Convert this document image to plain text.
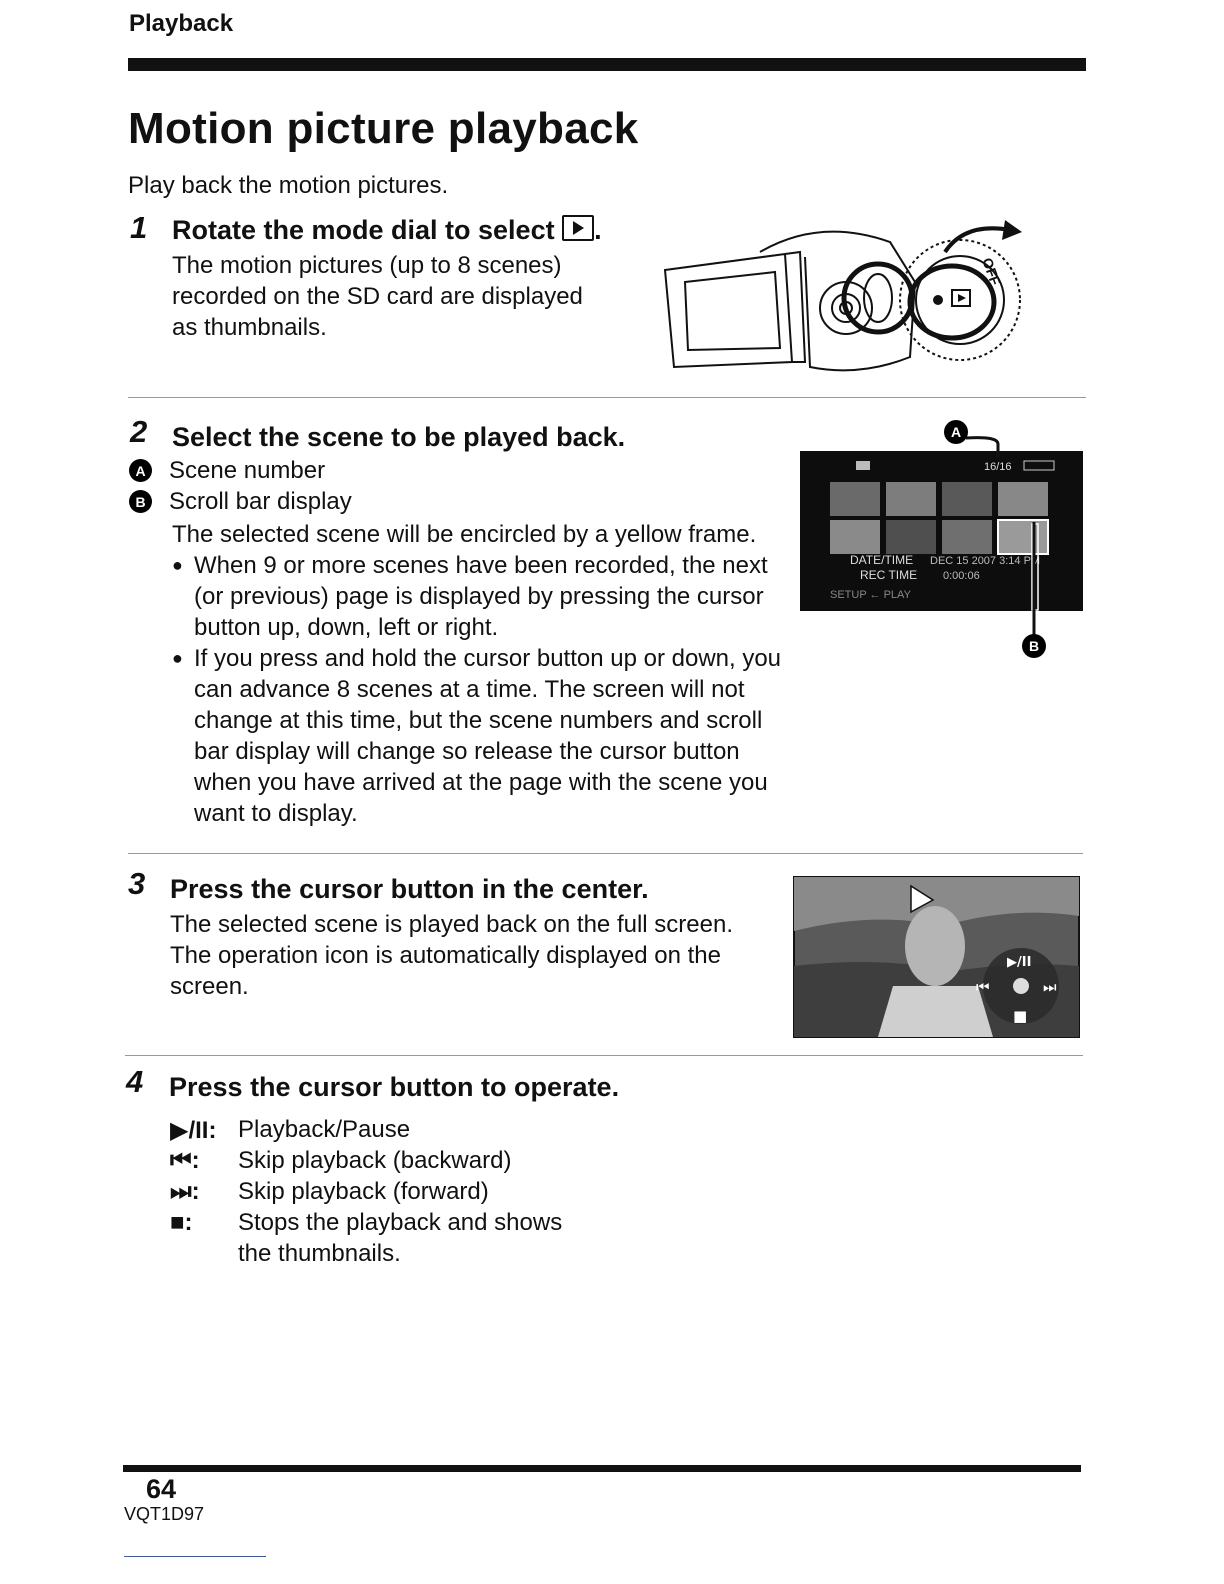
Playback
Motion picture playback
Play back the motion pictures.
1 Rotate the mode dial to select .
The motion pictures (up to 8 scenes)
recorded on the SD card are displayed
as thumbnails.
OFF
2 Select the scene to be played back.
A Scene number
B Scroll bar display
The selected scene will be encircled by a yellow frame.
● When 9 or more scenes have been recorded, the next (or previous) page is displayed by pressing the cursor button up, down, left or right.
● If you press and hold the cursor button up or down, you can advance 8 scenes at a time. The screen will not change at this time, but the scene numbers and scroll bar display will change so release the cursor button when you have arrived at the page with the scene you want to display.
16/16
DATE/TIME DEC 15 2007 3:14 PM
REC TIME 0:00:06
SETUP ← PLAY
A
B
3 Press the cursor button in the center.
The selected scene is played back on the full screen.
The operation icon is automatically displayed on the
screen.
▶/II
⏮	⏭
■
4 Press the cursor button to operate.
▶/II: Playback/Pause
⏮:	Skip playback (backward)
⏭:	Skip playback (forward)
■:	Stops the playback and shows
the thumbnails.
64
VQT1D97
